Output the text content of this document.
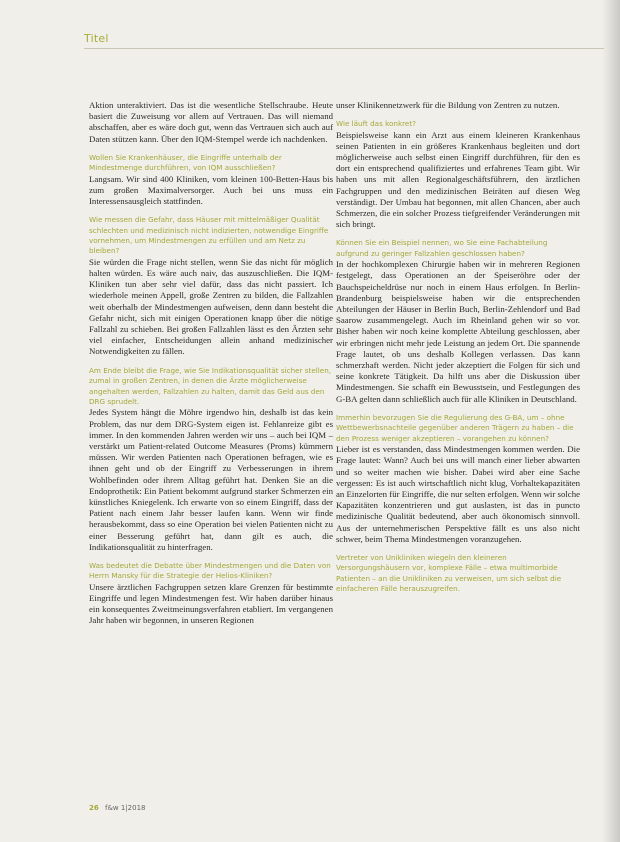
Titel

Aktion unteraktiviert. Das ist die wesentliche Stellschraube. Heute basiert die Zuweisung vor allem auf Vertrauen. Das will niemand abschaffen, aber es wäre doch gut, wenn das Vertrauen sich auch auf Daten stützen kann. Über den IQM-Stempel werde ich nachdenken.

Wollen Sie Krankenhäuser, die Eingriffe unterhalb der Mindestmenge durchführen, von IQM ausschließen?

Langsam. Wir sind 400 Kliniken, vom kleinen 100-Betten-Haus bis zum großen Maximalversorger. Auch bei uns muss ein Interessensausgleich stattfinden.

Wie messen die Gefahr, dass Häuser mit mittelmäßiger Qualität schlechten und medizinisch nicht indizierten, notwendige Eingriffe vornehmen, um Mindestmengen zu erfüllen und am Netz zu bleiben?

Sie würden die Frage nicht stellen, wenn Sie das nicht für möglich halten würden. Es wäre auch naiv, das auszuschließen. Die IQM-Kliniken tun aber sehr viel dafür, dass das nicht passiert. Ich wiederhole meinen Appell, große Zentren zu bilden, die Fallzahlen weit oberhalb der Mindestmengen aufweisen, denn dann besteht die Gefahr nicht, sich mit einigen Operationen knapp über die nötige Fallzahl zu schieben. Bei großen Fallzahlen lässt es den Ärzten sehr viel einfacher, Entscheidungen allein anhand medizinischer Notwendigkeiten zu fällen.

Am Ende bleibt die Frage, wie Sie Indikationsqualität sicher stellen, zumal in großen Zentren, in denen die Ärzte möglicherweise angehalten werden, Fallzahlen zu halten, damit das Geld aus den DRG sprudelt.

Jedes System hängt die Möhre irgendwo hin, deshalb ist das kein Problem, das nur dem DRG-System eigen ist. Fehlanreize gibt es immer. In den kommenden Jahren werden wir uns – auch bei IQM – verstärkt um Patient-related Outcome Measures (Proms) kümmern müssen. Wir werden Patienten nach Operationen befragen, wie es ihnen geht und ob der Eingriff zu Verbesserungen in ihrem Wohlbefinden oder ihrem Alltag geführt hat. Denken Sie an die Endoprothetik: Ein Patient bekommt aufgrund starker Schmerzen ein künstliches Kniegelenk. Ich erwarte von so einem Eingriff, dass der Patient nach einem Jahr besser laufen kann. Wenn wir finde herausbekommt, dass so eine Operation bei vielen Patienten nicht zu einer Besserung geführt hat, dann gilt es auch, die Indikationsqualität zu hinterfragen.

Was bedeutet die Debatte über Mindestmengen und die Daten von Herrn Mansky für die Strategie der Helios-Kliniken?

Unsere ärztlichen Fachgruppen setzen klare Grenzen für bestimmte Eingriffe und legen Mindestmengen fest. Wir haben darüber hinaus ein konsequentes Zweitmeinungsverfahren etabliert. Im vergangenen Jahr haben wir begonnen, in unseren Regionen

unser Klinikennetzwerk für die Bildung von Zentren zu nutzen.

Wie läuft das konkret?

Beispielsweise kann ein Arzt aus einem kleineren Krankenhaus seinen Patienten in ein größeres Krankenhaus begleiten und dort möglicherweise auch selbst einen Eingriff durchführen, für den es dort ein entsprechend qualifiziertes und erfahrenes Team gibt. Wir haben uns mit allen Regionalgeschäftsführern, den ärztlichen Fachgruppen und den medizinischen Beiräten auf diesen Weg verständigt. Der Umbau hat begonnen, mit allen Chancen, aber auch Schmerzen, die ein solcher Prozess tiefgreifender Veränderungen mit sich bringt.

Können Sie ein Beispiel nennen, wo Sie eine Fachabteilung aufgrund zu geringer Fallzahlen geschlossen haben?

In der hochkomplexen Chirurgie haben wir in mehreren Regionen festgelegt, dass Operationen an der Speiseröhre oder der Bauchspeicheldrüse nur noch in einem Haus erfolgen. In Berlin-Brandenburg beispielsweise haben wir die entsprechenden Abteilungen der Häuser in Berlin Buch, Berlin-Zehlendorf und Bad Saarow zusammengelegt. Auch im Rheinland gehen wir so vor. Bisher haben wir noch keine komplette Abteilung geschlossen, aber wir erbringen nicht mehr jede Leistung an jedem Ort. Die spannende Frage lautet, ob uns deshalb Kollegen verlassen. Das kann schmerzhaft werden. Nicht jeder akzeptiert die Folgen für sich und seine konkrete Tätigkeit. Da hilft uns aber die Diskussion über Mindestmengen. Sie schafft ein Bewusstsein, und Festlegungen des G-BA gelten dann schließlich auch für alle Kliniken in Deutschland.

Immerhin bevorzugen Sie die Regulierung des G-BA, um – ohne Wettbewerbsnachteile gegenüber anderen Trägern zu haben – die den Prozess weniger akzeptieren – vorangehen zu können?

Lieber ist es verstanden, dass Mindestmengen kommen werden. Die Frage lautet: Wann? Auch bei uns will manch einer lieber abwarten und so weiter machen wie bisher. Dabei wird aber eine Sache vergessen: Es ist auch wirtschaftlich nicht klug, Vorhaltekapazitäten an Einzelorten für Eingriffe, die nur selten erfolgen. Wenn wir solche Kapazitäten konzentrieren und gut auslasten, ist das in puncto medizinische Qualität bedeutend, aber auch ökonomisch sinnvoll. Aus der unternehmerischen Perspektive fällt es uns also nicht schwer, beim Thema Mindestmengen voranzugehen.

Vertreter von Unikliniken wiegeln den kleineren Versorgungshäusern vor, komplexe Fälle – etwa multimorbide Patienten – an die Unikliniken zu verweisen, um sich selbst die einfacheren Fälle herauszugreifen.

26 f&w 1|2018
